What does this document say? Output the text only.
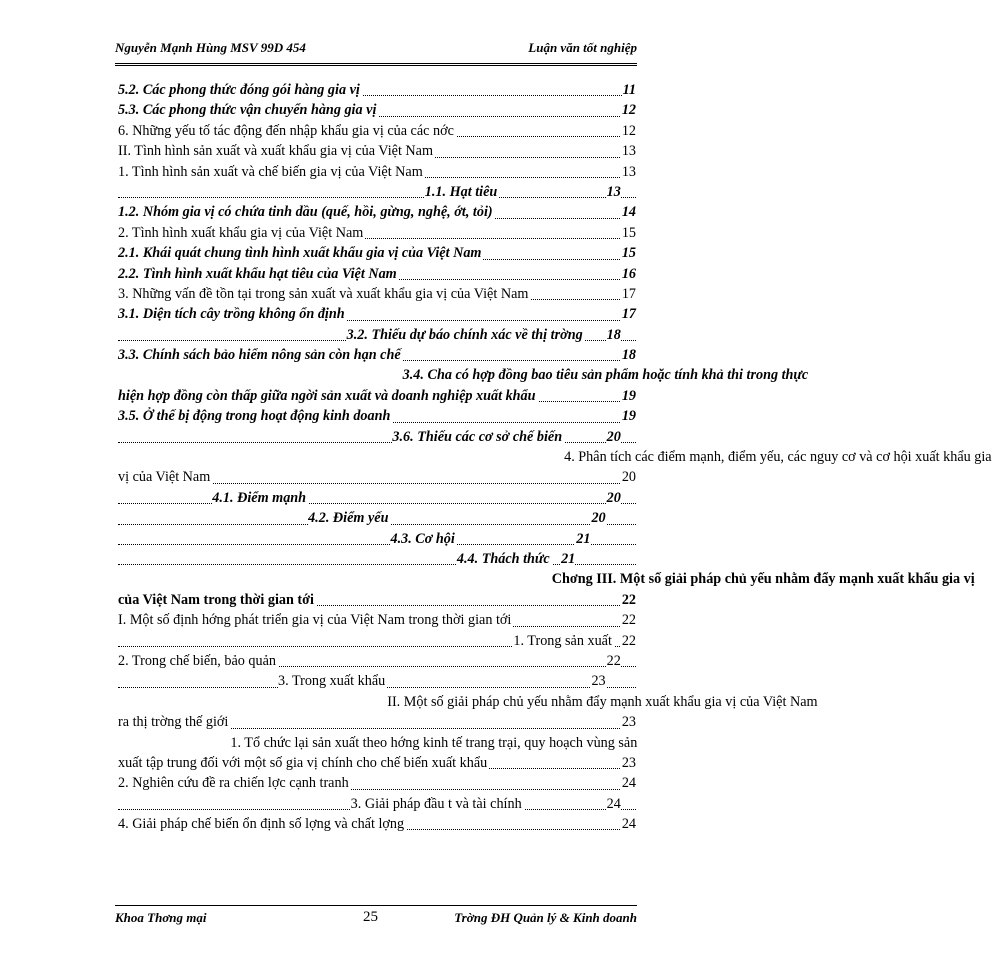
Nguyễn Mạnh Hùng MSV 99D 454	Luận văn tốt nghiệp
5.2. Các phong thức đóng gói hàng gia vị	11
5.3. Các phong thức vận chuyển hàng gia vị	12
6. Những yếu tố tác động đến nhập khẩu gia vị của các nớc	12
II. Tình hình sản xuất và xuất khẩu gia vị của Việt Nam	13
1. Tình hình sản xuất và chế biến gia vị của Việt Nam	13
1.1. Hạt tiêu	13
1.2. Nhóm gia vị có chứa tinh dầu (quế, hồi, gừng, nghệ, ớt, tỏi)	14
2. Tình hình xuất khẩu gia vị của Việt Nam	15
2.1. Khái quát chung tình hình xuất khẩu gia vị của Việt Nam	15
2.2. Tình hình xuất khẩu hạt tiêu của Việt Nam	16
3. Những vấn đề tồn tại trong sản xuất và xuất khẩu gia vị của Việt Nam	17
3.1. Diện tích cây trồng không ổn định	17
3.2. Thiếu dự báo chính xác về thị trờng 18
3.3. Chính sách bảo hiểm nông sản còn hạn chế	18
3.4. Cha có hợp đồng bao tiêu sản phẩm hoặc tính khả thi trong thực
hiện hợp đồng còn thấp giữa ngời sản xuất và doanh nghiệp xuất khẩu	19
3.5. Ở thế bị động trong hoạt động kinh doanh	19
3.6. Thiếu các cơ sở chế biến	20
4. Phân tích các điểm mạnh, điểm yếu, các nguy cơ và cơ hội xuất khẩu gia
vị của Việt Nam	20
4.1. Điểm mạnh	20
4.2. Điểm yếu	20
4.3. Cơ hội	21
4.4. Thách thức 21
Chơng III. Một số giải pháp chủ yếu nhằm đẩy mạnh xuất khẩu gia vị
của Việt Nam trong thời gian tới	22
I. Một số định hớng phát triển gia vị của Việt Nam trong thời gian tới	22
1. Trong sản xuất 22
2. Trong chế biến, bảo quản	22
3. Trong xuất khẩu	23
II. Một số giải pháp chủ yếu nhằm đẩy mạnh xuất khẩu gia vị của Việt Nam
ra thị trờng thế giới	23
1. Tổ chức lại sản xuất theo hớng kinh tế trang trại, quy hoạch vùng sản
xuất tập trung đối với một số gia vị chính cho chế biến xuất khẩu	23
2. Nghiên cứu đề ra chiến lợc cạnh tranh	24
3. Giải pháp đầu t và tài chính	24
4. Giải pháp chế biến ổn định số lợng và chất lợng	24
Khoa Thơng mại	25	Trờng ĐH Quản lý & Kinh doanh
